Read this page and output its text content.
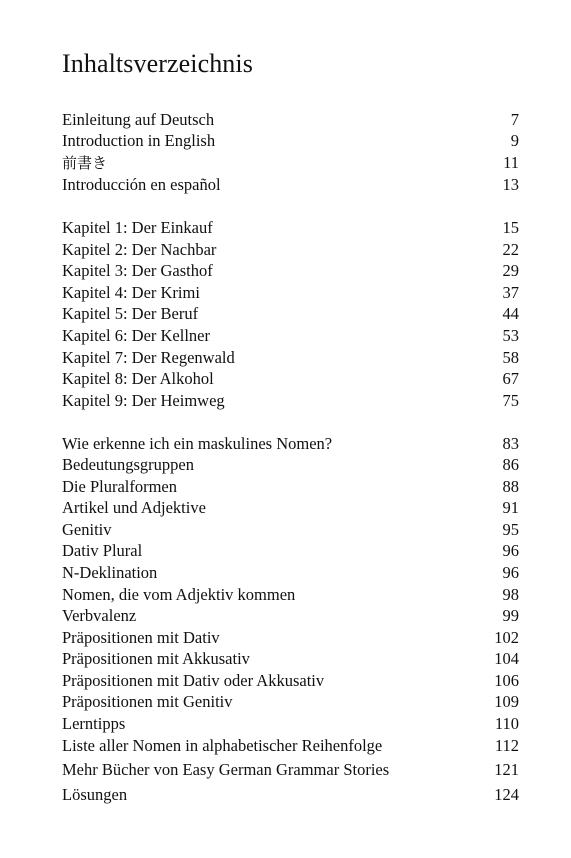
Inhaltsverzeichnis
Einleitung auf Deutsch	7
Introduction in English	9
前書き	11
Introducción en español	13
Kapitel 1: Der Einkauf	15
Kapitel 2: Der Nachbar	22
Kapitel 3: Der Gasthof	29
Kapitel 4: Der Krimi	37
Kapitel 5: Der Beruf	44
Kapitel 6: Der Kellner	53
Kapitel 7: Der Regenwald	58
Kapitel 8: Der Alkohol	67
Kapitel 9: Der Heimweg	75
Wie erkenne ich ein maskulines Nomen?	83
Bedeutungsgruppen	86
Die Pluralformen	88
Artikel und Adjektive	91
Genitiv	95
Dativ Plural	96
N-Deklination	96
Nomen, die vom Adjektiv kommen	98
Verbvalenz	99
Präpositionen mit Dativ	102
Präpositionen mit Akkusativ	104
Präpositionen mit Dativ oder Akkusativ	106
Präpositionen mit Genitiv	109
Lerntipps	110
Liste aller Nomen in alphabetischer Reihenfolge	112
Mehr Bücher von Easy German Grammar Stories	121
Lösungen	124
